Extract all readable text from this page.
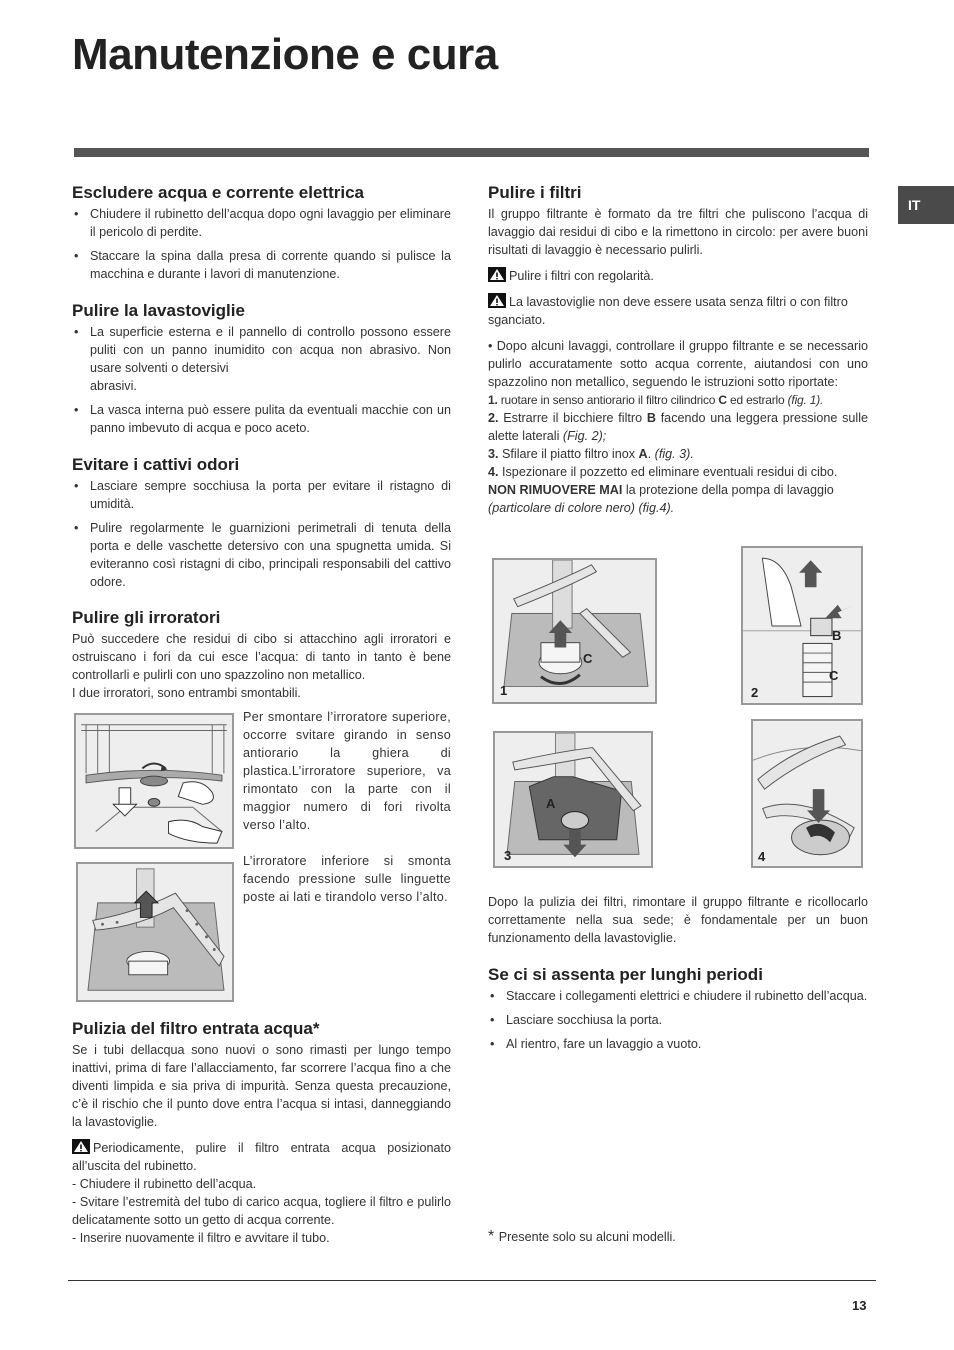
Manutenzione e cura
IT
Escludere acqua e corrente elettrica
• Chiudere il rubinetto dell’acqua dopo ogni lavaggio per eliminare il pericolo di perdite.
• Staccare la spina dalla presa di corrente quando si pulisce la macchina e durante i lavori di manutenzione.
Pulire la lavastoviglie
• La superficie esterna e il pannello di controllo possono essere puliti con un panno inumidito con acqua non abrasivo. Non usare solventi o detersivi
abrasivi.
• La vasca interna può essere pulita da eventuali macchie con un panno imbevuto di acqua e poco aceto.
Evitare i cattivi odori
• Lasciare sempre socchiusa la porta per evitare il ristagno di umidità.
• Pulire regolarmente le guarnizioni perimetrali di tenuta della porta e delle vaschette detersivo con una spugnetta umida. Si eviteranno così ristagni di cibo, principali responsabili del cattivo odore.
Pulire gli irroratori

Può succedere che residui di cibo si attacchino agli irroratori e ostruiscano i fori da cui esce l’acqua: di tanto in tanto è bene controllarli e pulirli con uno spazzolino non metallico.

I due irroratori, sono entrambi smontabili.

Per smontare l’irroratore superiore, occorre svitare girando in senso antiorario la ghiera di plastica.L’irroratore superiore, va rimontato con la parte con il maggior numero di fori rivolta verso l’alto.

L’irroratore inferiore si smonta facendo pressione sulle linguette poste ai lati e tirandolo verso l’alto.

Pulizia del filtro entrata acqua*

Se i tubi dellacqua sono nuovi o sono rimasti per lungo tempo inattivi, prima di fare l’allacciamento, far scorrere l’acqua fino a che diventi limpida e sia priva di impurità. Senza questa precauzione, c’è il rischio che il punto dove entra l’acqua si intasi, danneggiando la lavastoviglie.

Periodicamente, pulire il filtro entrata acqua posizionato all’uscita del rubinetto.

- Chiudere il rubinetto dell’acqua.

- Svitare l’estremità del tubo di carico acqua, togliere il filtro e pulirlo delicatamente sotto un getto di acqua corrente.

- Inserire nuovamente il filtro e avvitare il tubo.

Pulire i filtri

Il gruppo filtrante è formato da tre filtri che puliscono l’acqua di lavaggio dai residui di cibo e la rimettono in circolo: per avere buoni risultati di lavaggio è necessario pulirli.

Pulire i filtri con regolarità.

La lavastoviglie non deve essere usata senza filtri o con filtro sganciato.

• Dopo alcuni lavaggi, controllare il gruppo filtrante e se necessario pulirlo accuratamente sotto acqua corrente, aiutandosi con uno spazzolino non metallico, seguendo le istruzioni sotto riportate:

1. ruotare in senso antiorario il filtro cilindrico C ed estrarlo (fig. 1).

2. Estrarre il bicchiere filtro B facendo una leggera pressione sulle alette laterali (Fig. 2);

3. Sfilare il piatto filtro inox A. (fig. 3).

4. Ispezionare il pozzetto ed eliminare eventuali residui di cibo.

NON RIMUOVERE MAI la protezione della pompa di lavaggio
(particolare di colore nero) (fig.4).

1
C
2
B
C
A
3	4

Dopo la pulizia dei filtri, rimontare il gruppo filtrante e ricollocarlo correttamente nella sua sede; è fondamentale per un buon funzionamento della lavastoviglie.

Se ci si assenta per lunghi periodi
• Staccare i collegamenti elettrici e chiudere il rubinetto dell’acqua.
• Lasciare socchiusa la porta.
• Al rientro, fare un lavaggio a vuoto.
* Presente solo su alcuni modelli.
13
